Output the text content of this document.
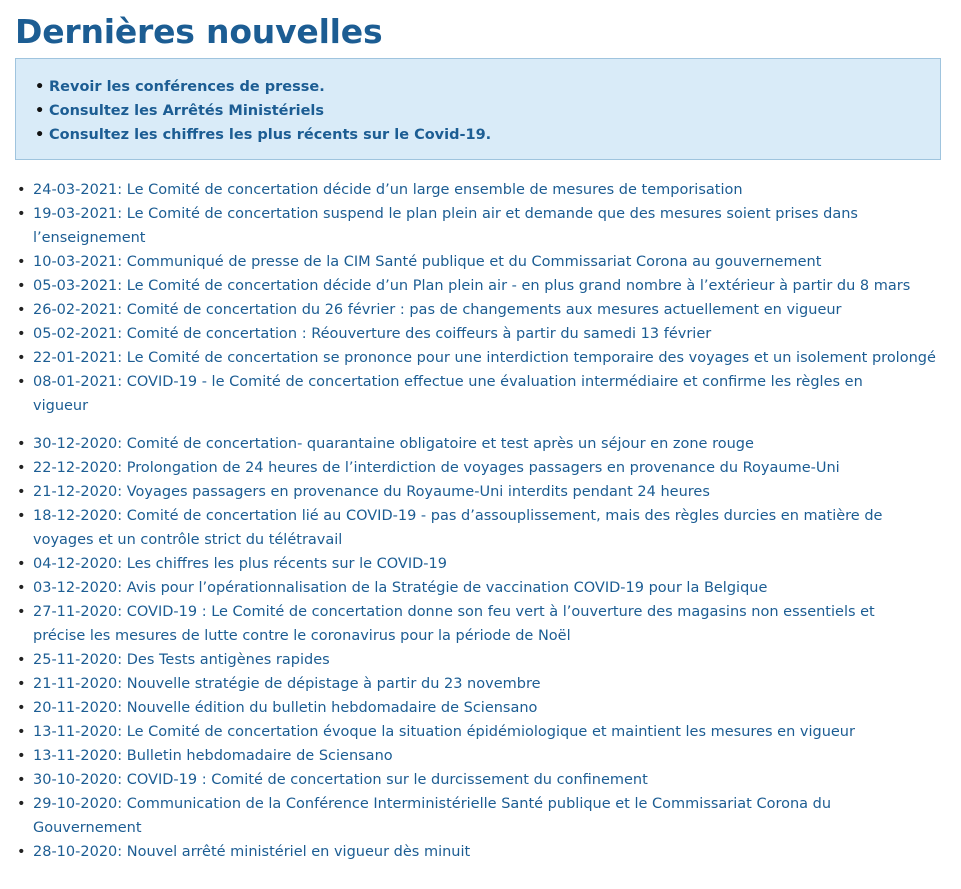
Dernières nouvelles
• Revoir les conférences de presse.
• Consultez les Arrêtés Ministériels
• Consultez les chiffres les plus récents sur le Covid-19.
• 24-03-2021: Le Comité de concertation décide d’un large ensemble de mesures de temporisation
• 19-03-2021: Le Comité de concertation suspend le plan plein air et demande que des mesures soient prises dans l’enseignement
• 10-03-2021: Communiqué de presse de la CIM Santé publique et du Commissariat Corona au gouvernement
• 05-03-2021: Le Comité de concertation décide d’un Plan plein air - en plus grand nombre à l’extérieur à partir du 8 mars
• 26-02-2021: Comité de concertation du 26 février : pas de changements aux mesures actuellement en vigueur
• 05-02-2021: Comité de concertation : Réouverture des coiffeurs à partir du samedi 13 février
• 22-01-2021: Le Comité de concertation se prononce pour une interdiction temporaire des voyages et un isolement prolongé
• 08-01-2021: COVID-19 - le Comité de concertation effectue une évaluation intermédiaire et confirme les règles en vigueur
• 30-12-2020: Comité de concertation- quarantaine obligatoire et test après un séjour en zone rouge
• 22-12-2020: Prolongation de 24 heures de l’interdiction de voyages passagers en provenance du Royaume-Uni
• 21-12-2020: Voyages passagers en provenance du Royaume-Uni interdits pendant 24 heures
• 18-12-2020: Comité de concertation lié au COVID-19 - pas d’assouplissement, mais des règles durcies en matière de voyages et un contrôle strict du télétravail
• 04-12-2020: Les chiffres les plus récents sur le COVID-19
• 03-12-2020: Avis pour l’opérationnalisation de la Stratégie de vaccination COVID-19 pour la Belgique
• 27-11-2020: COVID-19 : Le Comité de concertation donne son feu vert à l’ouverture des magasins non essentiels et précise les mesures de lutte contre le coronavirus pour la période de Noël
• 25-11-2020: Des Tests antigènes rapides
• 21-11-2020: Nouvelle stratégie de dépistage à partir du 23 novembre
• 20-11-2020: Nouvelle édition du bulletin hebdomadaire de Sciensano
• 13-11-2020: Le Comité de concertation évoque la situation épidémiologique et maintient les mesures en vigueur
• 13-11-2020: Bulletin hebdomadaire de Sciensano
• 30-10-2020: COVID-19 : Comité de concertation sur le durcissement du confinement
• 29-10-2020: Communication de la Conférence Interministérielle Santé publique et le Commissariat Corona du Gouvernement
• 28-10-2020: Nouvel arrêté ministériel en vigueur dès minuit
